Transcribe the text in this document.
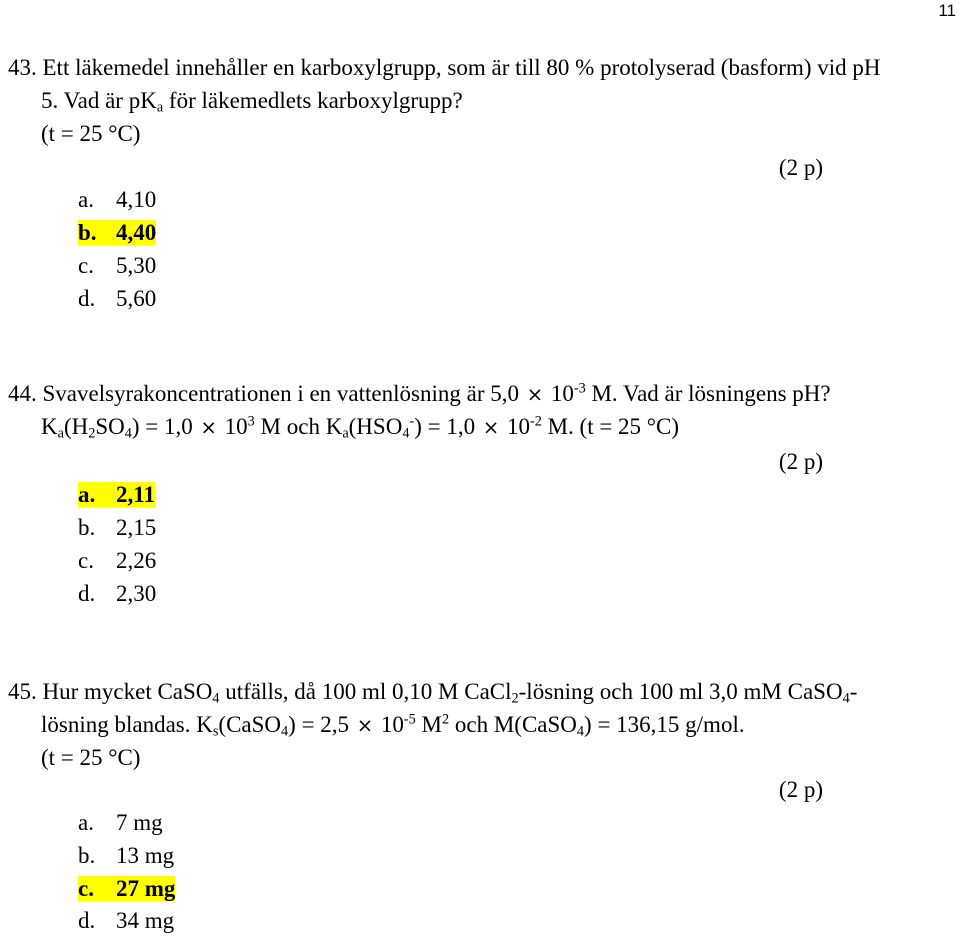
11
43. Ett läkemedel innehåller en karboxylgrupp, som är till 80 % protolyserad (basform) vid pH
5. Vad är $pK_a$ för läkemedlets karboxylgrupp?
(t = 25 °C)
(2 p)
a. 4,10
b. 4,40
c. 5,30
d. 5,60
44. Svavelsyrakoncentrationen i en vattenlösning är $5,0 \times 10^{-3}$ M. Vad är lösningens pH?
$K_a(H_2SO_4) = 1,0 \times 10^3$ M och $K_a(HSO_4^-) = 1,0 \times 10^{-2}$ M. (t = 25 °C)
(2 p)
a. 2,11
b. 2,15
c. 2,26
d. 2,30
45. Hur mycket CaSO$_4$ utfälls, då 100 ml 0,10 M CaCl$_2$-lösning och 100 ml 3,0 mM CaSO$_4$-
lösning blandas. $K_s(CaSO_4) = 2,5 \times 10^{-5}$ $M^2$ och M(CaSO$_4$) = 136,15 g/mol.
(t = 25 °C)
(2 p)
a. 7 mg
b. 13 mg
c. 27 mg
d. 34 mg
